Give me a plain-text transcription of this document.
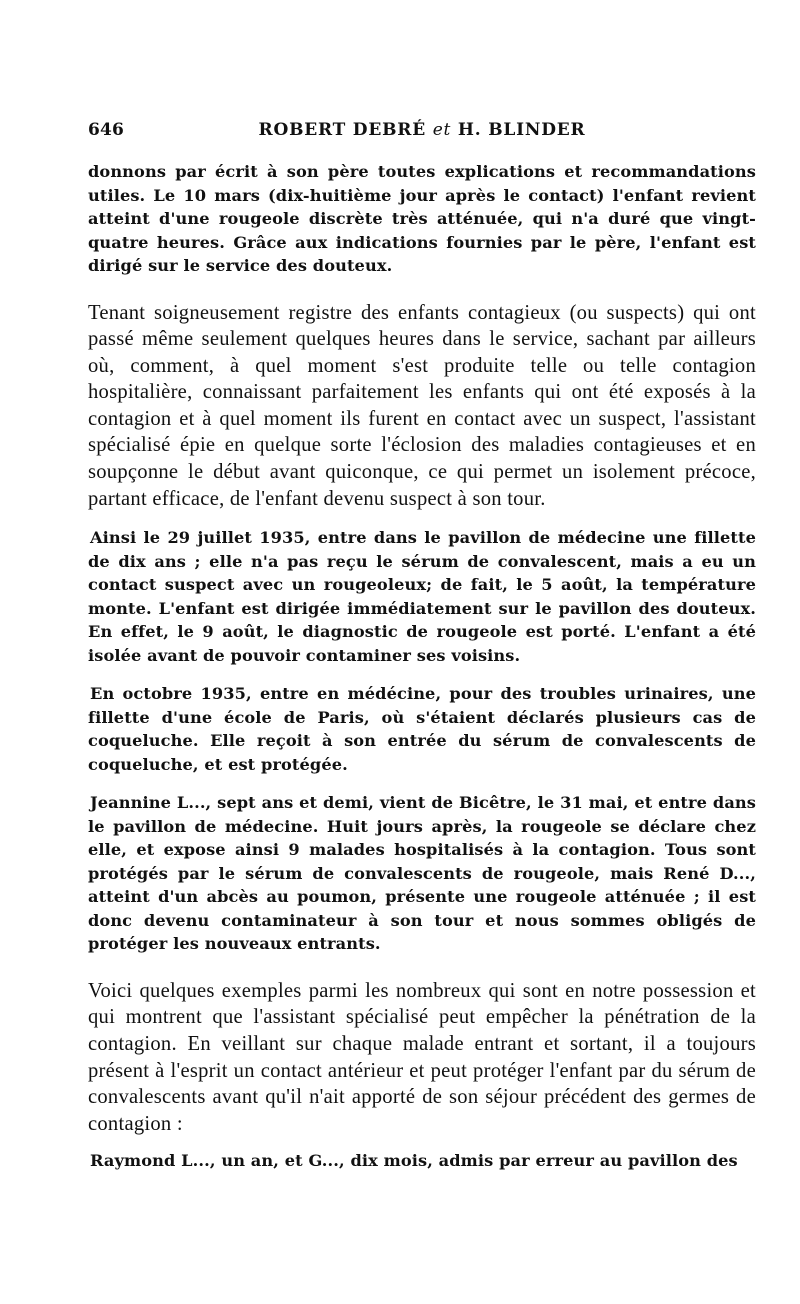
646	ROBERT DEBRÉ et H. BLINDER

donnons par écrit à son père toutes explications et recommandations utiles. Le 10 mars (dix-huitième jour après le contact) l'enfant revient atteint d'une rougeole discrète très atténuée, qui n'a duré que vingt-quatre heures. Grâce aux indications fournies par le père, l'enfant est dirigé sur le service des douteux.

Tenant soigneusement registre des enfants contagieux (ou suspects) qui ont passé même seulement quelques heures dans le service, sachant par ailleurs où, comment, à quel moment s'est produite telle ou telle contagion hospitalière, connaissant parfaitement les enfants qui ont été exposés à la contagion et à quel moment ils furent en contact avec un suspect, l'assistant spécialisé épie en quelque sorte l'éclosion des maladies contagieuses et en soupçonne le début avant quiconque, ce qui permet un isolement précoce, partant efficace, de l'enfant devenu suspect à son tour.

Ainsi le 29 juillet 1935, entre dans le pavillon de médecine une fillette de dix ans ; elle n'a pas reçu le sérum de convalescent, mais a eu un contact suspect avec un rougeoleux; de fait, le 5 août, la température monte. L'enfant est dirigée immédiatement sur le pavillon des douteux. En effet, le 9 août, le diagnostic de rougeole est porté. L'enfant a été isolée avant de pouvoir contaminer ses voisins.

En octobre 1935, entre en médécine, pour des troubles urinaires, une fillette d'une école de Paris, où s'étaient déclarés plusieurs cas de coqueluche. Elle reçoit à son entrée du sérum de convalescents de coqueluche, et est protégée.

Jeannine L..., sept ans et demi, vient de Bicêtre, le 31 mai, et entre dans le pavillon de médecine. Huit jours après, la rougeole se déclare chez elle, et expose ainsi 9 malades hospitalisés à la contagion. Tous sont protégés par le sérum de convalescents de rougeole, mais René D..., atteint d'un abcès au poumon, présente une rougeole atténuée ; il est donc devenu contaminateur à son tour et nous sommes obligés de protéger les nouveaux entrants.

Voici quelques exemples parmi les nombreux qui sont en notre possession et qui montrent que l'assistant spécialisé peut empêcher la pénétration de la contagion. En veillant sur chaque malade entrant et sortant, il a toujours présent à l'esprit un contact antérieur et peut protéger l'enfant par du sérum de convalescents avant qu'il n'ait apporté de son séjour précédent des germes de contagion :

Raymond L..., un an, et G..., dix mois, admis par erreur au pavillon des
